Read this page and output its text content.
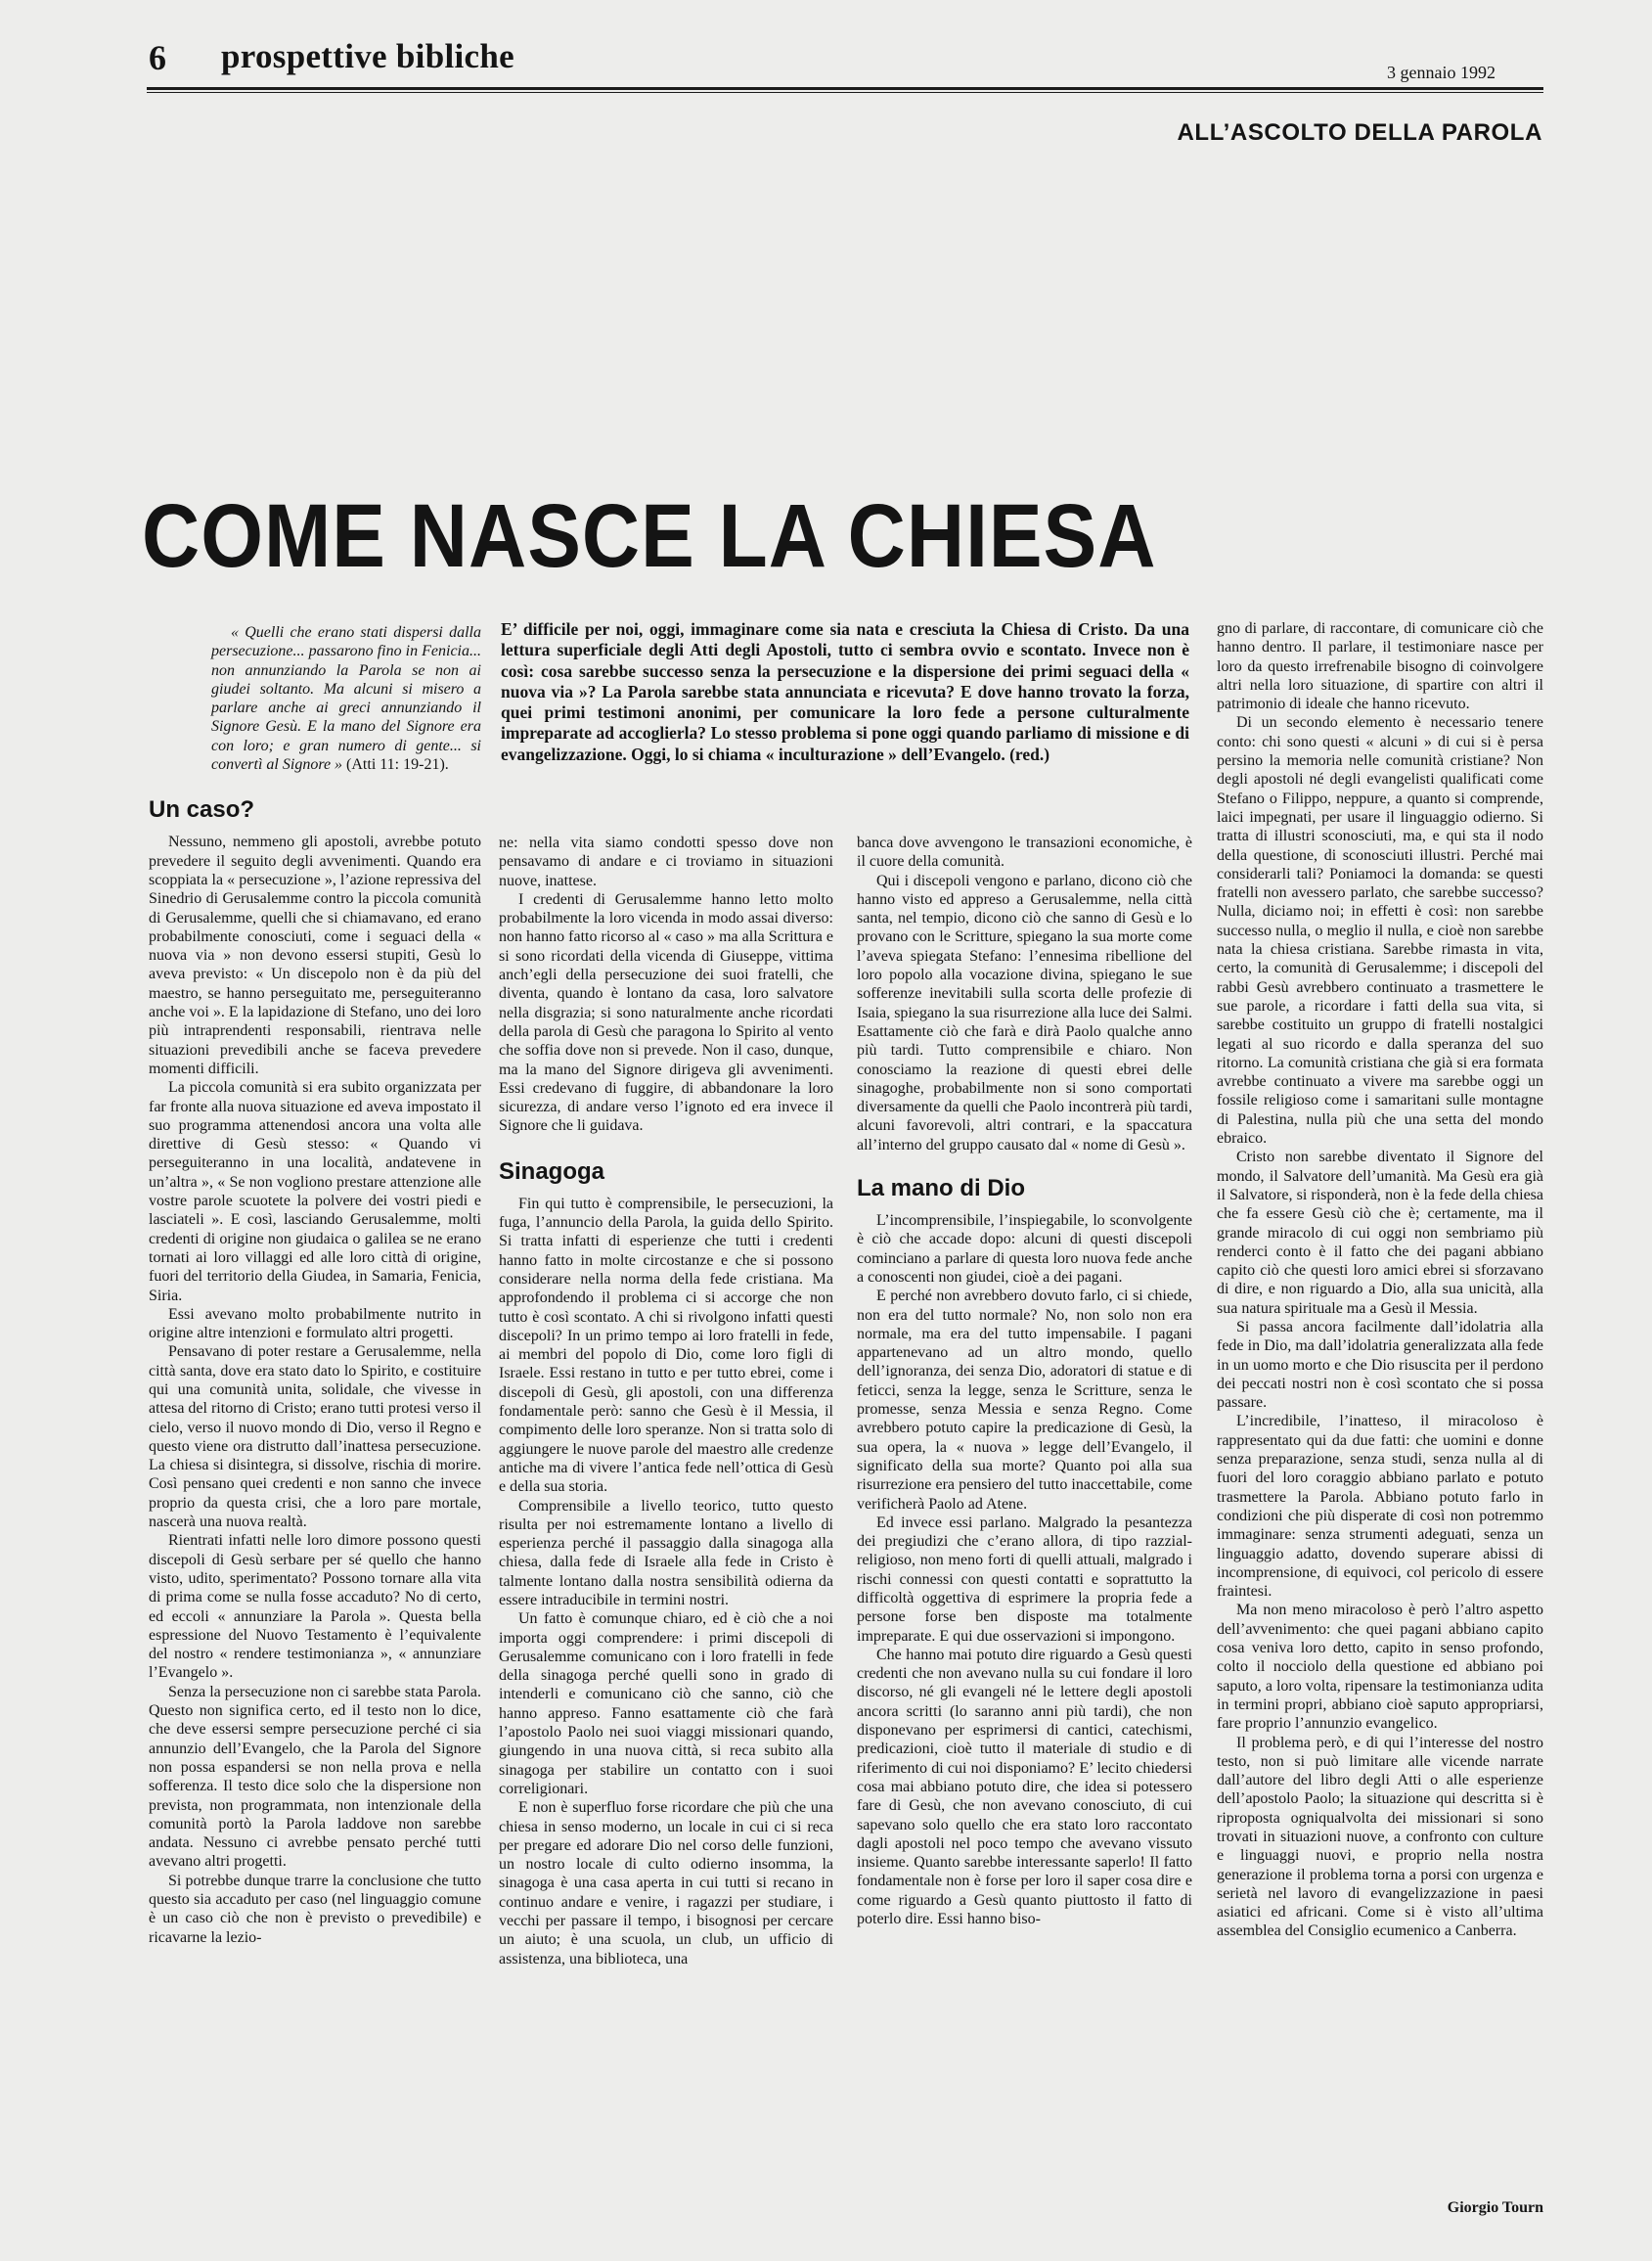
6 prospettive bibliche	3 gennaio 1992
ALL’ASCOLTO DELLA PAROLA
COME NASCE LA CHIESA

« Quelli che erano stati dispersi dalla persecuzione... passarono fino in Fenicia... non annunziando la Parola se non ai giudei soltanto. Ma alcuni si misero a parlare anche ai greci annunziando il Signore Gesù. E la mano del Signore era con loro; e gran numero di gente... si convertì al Signore » (Atti 11: 19-21).

Un caso?

Nessuno, nemmeno gli apostoli, avrebbe potuto prevedere il seguito degli avvenimenti. Quando era scoppiata la « persecuzione », l’azione repressiva del Sinedrio di Gerusalemme contro la piccola comunità di Gerusalemme, quelli che si chiamavano, ed erano probabilmente conosciuti, come i seguaci della « nuova via » non devono essersi stupiti, Gesù lo aveva previsto: « Un discepolo non è da più del maestro, se hanno perseguitato me, perseguiteranno anche voi ». E la lapidazione di Stefano, uno dei loro più intraprendenti responsabili, rientrava nelle situazioni prevedibili anche se faceva prevedere momenti difficili.

La piccola comunità si era subito organizzata per far fronte alla nuova situazione ed aveva impostato il suo programma attenendosi ancora una volta alle direttive di Gesù stesso: « Quando vi perseguiteranno in una località, andatevene in un’altra », « Se non vogliono prestare attenzione alle vostre parole scuotete la polvere dei vostri piedi e lasciateli ». E così, lasciando Gerusalemme, molti credenti di origine non giudaica o galilea se ne erano tornati ai loro villaggi ed alle loro città di origine, fuori del territorio della Giudea, in Samaria, Fenicia, Siria.

Essi avevano molto probabilmente nutrito in origine altre intenzioni e formulato altri progetti.

Pensavano di poter restare a Gerusalemme, nella città santa, dove era stato dato lo Spirito, e costituire qui una comunità unita, solidale, che vivesse in attesa del ritorno di Cristo; erano tutti protesi verso il cielo, verso il nuovo mondo di Dio, verso il Regno e questo viene ora distrutto dall’inattesa persecuzione. La chiesa si disintegra, si dissolve, rischia di morire. Così pensano quei credenti e non sanno che invece proprio da questa crisi, che a loro pare mortale, nascerà una nuova realtà.

Rientrati infatti nelle loro dimore possono questi discepoli di Gesù serbare per sé quello che hanno visto, udito, sperimentato? Possono tornare alla vita di prima come se nulla fosse accaduto? No di certo, ed eccoli « annunziare la Parola ». Questa bella espressione del Nuovo Testamento è l’equivalente del nostro « rendere testimonianza », « annunziare l’Evangelo ».

Senza la persecuzione non ci sarebbe stata Parola. Questo non significa certo, ed il testo non lo dice, che deve essersi sempre persecuzione perché ci sia annunzio dell’Evangelo, che la Parola del Signore non possa espandersi se non nella prova e nella sofferenza. Il testo dice solo che la dispersione non prevista, non programmata, non intenzionale della comunità portò la Parola laddove non sarebbe andata. Nessuno ci avrebbe pensato perché tutti avevano altri progetti.

Si potrebbe dunque trarre la conclusione che tutto questo sia accaduto per caso (nel linguaggio comune è un caso ciò che non è previsto o prevedibile) e ricavarne la lezio-

E’ difficile per noi, oggi, immaginare come sia nata e cresciuta la Chiesa di Cristo. Da una lettura superficiale degli Atti degli Apostoli, tutto ci sembra ovvio e scontato. Invece non è così: cosa sarebbe successo senza la persecuzione e la dispersione dei primi seguaci della « nuova via »? La Parola sarebbe stata annunciata e ricevuta? E dove hanno trovato la forza, quei primi testimoni anonimi, per comunicare la loro fede a persone culturalmente impreparate ad accoglierla? Lo stesso problema si pone oggi quando parliamo di missione e di evangelizzazione. Oggi, lo si chiama « inculturazione » dell’Evangelo. (red.)

ne: nella vita siamo condotti spesso dove non pensavamo di andare e ci troviamo in situazioni nuove, inattese.

I credenti di Gerusalemme hanno letto molto probabilmente la loro vicenda in modo assai diverso: non hanno fatto ricorso al « caso » ma alla Scrittura e si sono ricordati della vicenda di Giuseppe, vittima anch’egli della persecuzione dei suoi fratelli, che diventa, quando è lontano da casa, loro salvatore nella disgrazia; si sono naturalmente anche ricordati della parola di Gesù che paragona lo Spirito al vento che soffia dove non si prevede. Non il caso, dunque, ma la mano del Signore dirigeva gli avvenimenti. Essi credevano di fuggire, di abbandonare la loro sicurezza, di andare verso l’ignoto ed era invece il Signore che li guidava.

Sinagoga

Fin qui tutto è comprensibile, le persecuzioni, la fuga, l’annuncio della Parola, la guida dello Spirito. Si tratta infatti di esperienze che tutti i credenti hanno fatto in molte circostanze e che si possono considerare nella norma della fede cristiana. Ma approfondendo il problema ci si accorge che non tutto è così scontato. A chi si rivolgono infatti questi discepoli? In un primo tempo ai loro fratelli in fede, ai membri del popolo di Dio, come loro figli di Israele. Essi restano in tutto e per tutto ebrei, come i discepoli di Gesù, gli apostoli, con una differenza fondamentale però: sanno che Gesù è il Messia, il compimento delle loro speranze. Non si tratta solo di aggiungere le nuove parole del maestro alle credenze antiche ma di vivere l’antica fede nell’ottica di Gesù e della sua storia.

Comprensibile a livello teorico, tutto questo risulta per noi estremamente lontano a livello di esperienza perché il passaggio dalla sinagoga alla chiesa, dalla fede di Israele alla fede in Cristo è talmente lontano dalla nostra sensibilità odierna da essere intraducibile in termini nostri.

Un fatto è comunque chiaro, ed è ciò che a noi importa oggi comprendere: i primi discepoli di Gerusalemme comunicano con i loro fratelli in fede della sinagoga perché quelli sono in grado di intenderli e comunicano ciò che sanno, ciò che hanno appreso. Fanno esattamente ciò che farà l’apostolo Paolo nei suoi viaggi missionari quando, giungendo in una nuova città, si reca subito alla sinagoga per stabilire un contatto con i suoi correligionari.

E non è superfluo forse ricordare che più che una chiesa in senso moderno, un locale in cui ci si reca per pregare ed adorare Dio nel corso delle funzioni, un nostro locale di culto odierno insomma, la sinagoga è una casa aperta in cui tutti si recano in continuo andare e venire, i ragazzi per studiare, i vecchi per passare il tempo, i bisognosi per cercare un aiuto; è una scuola, un club, un ufficio di assistenza, una biblioteca, una

banca dove avvengono le transazioni economiche, è il cuore della comunità.

Qui i discepoli vengono e parlano, dicono ciò che hanno visto ed appreso a Gerusalemme, nella città santa, nel tempio, dicono ciò che sanno di Gesù e lo provano con le Scritture, spiegano la sua morte come l’aveva spiegata Stefano: l’ennesima ribellione del loro popolo alla vocazione divina, spiegano le sue sofferenze inevitabili sulla scorta delle profezie di Isaia, spiegano la sua risurrezione alla luce dei Salmi. Esattamente ciò che farà e dirà Paolo qualche anno più tardi. Tutto comprensibile e chiaro. Non conosciamo la reazione di questi ebrei delle sinagoghe, probabilmente non si sono comportati diversamente da quelli che Paolo incontrerà più tardi, alcuni favorevoli, altri contrari, e la spaccatura all’interno del gruppo causato dal « nome di Gesù ».

La mano di Dio

L’incomprensibile, l’inspiegabile, lo sconvolgente è ciò che accade dopo: alcuni di questi discepoli cominciano a parlare di questa loro nuova fede anche a conoscenti non giudei, cioè a dei pagani.

E perché non avrebbero dovuto farlo, ci si chiede, non era del tutto normale? No, non solo non era normale, ma era del tutto impensabile. I pagani appartenevano ad un altro mondo, quello dell’ignoranza, dei senza Dio, adoratori di statue e di feticci, senza la legge, senza le Scritture, senza le promesse, senza Messia e senza Regno. Come avrebbero potuto capire la predicazione di Gesù, la sua opera, la « nuova » legge dell’Evangelo, il significato della sua morte? Quanto poi alla sua risurrezione era pensiero del tutto inaccettabile, come verificherà Paolo ad Atene.

Ed invece essi parlano. Malgrado la pesantezza dei pregiudizi che c’erano allora, di tipo razzial-religioso, non meno forti di quelli attuali, malgrado i rischi connessi con questi contatti e soprattutto la difficoltà oggettiva di esprimere la propria fede a persone forse ben disposte ma totalmente impreparate. E qui due osservazioni si impongono.

Che hanno mai potuto dire riguardo a Gesù questi credenti che non avevano nulla su cui fondare il loro discorso, né gli evangeli né le lettere degli apostoli ancora scritti (lo saranno anni più tardi), che non disponevano per esprimersi di cantici, catechismi, predicazioni, cioè tutto il materiale di studio e di riferimento di cui noi disponiamo? E’ lecito chiedersi cosa mai abbiano potuto dire, che idea si potessero fare di Gesù, che non avevano conosciuto, di cui sapevano solo quello che era stato loro raccontato dagli apostoli nel poco tempo che avevano vissuto insieme. Quanto sarebbe interessante saperlo! Il fatto fondamentale non è forse per loro il saper cosa dire e come riguardo a Gesù quanto piuttosto il fatto di poterlo dire. Essi hanno biso-

gno di parlare, di raccontare, di comunicare ciò che hanno dentro. Il parlare, il testimoniare nasce per loro da questo irrefrenabile bisogno di coinvolgere altri nella loro situazione, di spartire con altri il patrimonio di ideale che hanno ricevuto.

Di un secondo elemento è necessario tenere conto: chi sono questi « alcuni » di cui si è persa persino la memoria nelle comunità cristiane? Non degli apostoli né degli evangelisti qualificati come Stefano o Filippo, neppure, a quanto si comprende, laici impegnati, per usare il linguaggio odierno. Si tratta di illustri sconosciuti, ma, e qui sta il nodo della questione, di sconosciuti illustri. Perché mai considerarli tali? Poniamoci la domanda: se questi fratelli non avessero parlato, che sarebbe successo? Nulla, diciamo noi; in effetti è così: non sarebbe successo nulla, o meglio il nulla, e cioè non sarebbe nata la chiesa cristiana. Sarebbe rimasta in vita, certo, la comunità di Gerusalemme; i discepoli del rabbi Gesù avrebbero continuato a trasmettere le sue parole, a ricordare i fatti della sua vita, si sarebbe costituito un gruppo di fratelli nostalgici legati al suo ricordo e dalla speranza del suo ritorno. La comunità cristiana che già si era formata avrebbe continuato a vivere ma sarebbe oggi un fossile religioso come i samaritani sulle montagne di Palestina, nulla più che una setta del mondo ebraico.

Cristo non sarebbe diventato il Signore del mondo, il Salvatore dell’umanità. Ma Gesù era già il Salvatore, si risponderà, non è la fede della chiesa che fa essere Gesù ciò che è; certamente, ma il grande miracolo di cui oggi non sembriamo più renderci conto è il fatto che dei pagani abbiano capito ciò che questi loro amici ebrei si sforzavano di dire, e non riguardo a Dio, alla sua unicità, alla sua natura spirituale ma a Gesù il Messia.

Si passa ancora facilmente dall’idolatria alla fede in Dio, ma dall’idolatria generalizzata alla fede in un uomo morto e che Dio risuscita per il perdono dei peccati nostri non è così scontato che si possa passare.

L’incredibile, l’inatteso, il miracoloso è rappresentato qui da due fatti: che uomini e donne senza preparazione, senza studi, senza nulla al di fuori del loro coraggio abbiano parlato e potuto trasmettere la Parola. Abbiano potuto farlo in condizioni che più disperate di così non potremmo immaginare: senza strumenti adeguati, senza un linguaggio adatto, dovendo superare abissi di incomprensione, di equivoci, col pericolo di essere fraintesi.

Ma non meno miracoloso è però l’altro aspetto dell’avvenimento: che quei pagani abbiano capito cosa veniva loro detto, capito in senso profondo, colto il nocciolo della questione ed abbiano poi saputo, a loro volta, ripensare la testimonianza udita in termini propri, abbiano cioè saputo appropriarsi, fare proprio l’annunzio evangelico.

Il problema però, e di qui l’interesse del nostro testo, non si può limitare alle vicende narrate dall’autore del libro degli Atti o alle esperienze dell’apostolo Paolo; la situazione qui descritta si è riproposta ogniqualvolta dei missionari si sono trovati in situazioni nuove, a confronto con culture e linguaggi nuovi, e proprio nella nostra generazione il problema torna a porsi con urgenza e serietà nel lavoro di evangelizzazione in paesi asiatici ed africani. Come si è visto all’ultima assemblea del Consiglio ecumenico a Canberra.

Giorgio Tourn
